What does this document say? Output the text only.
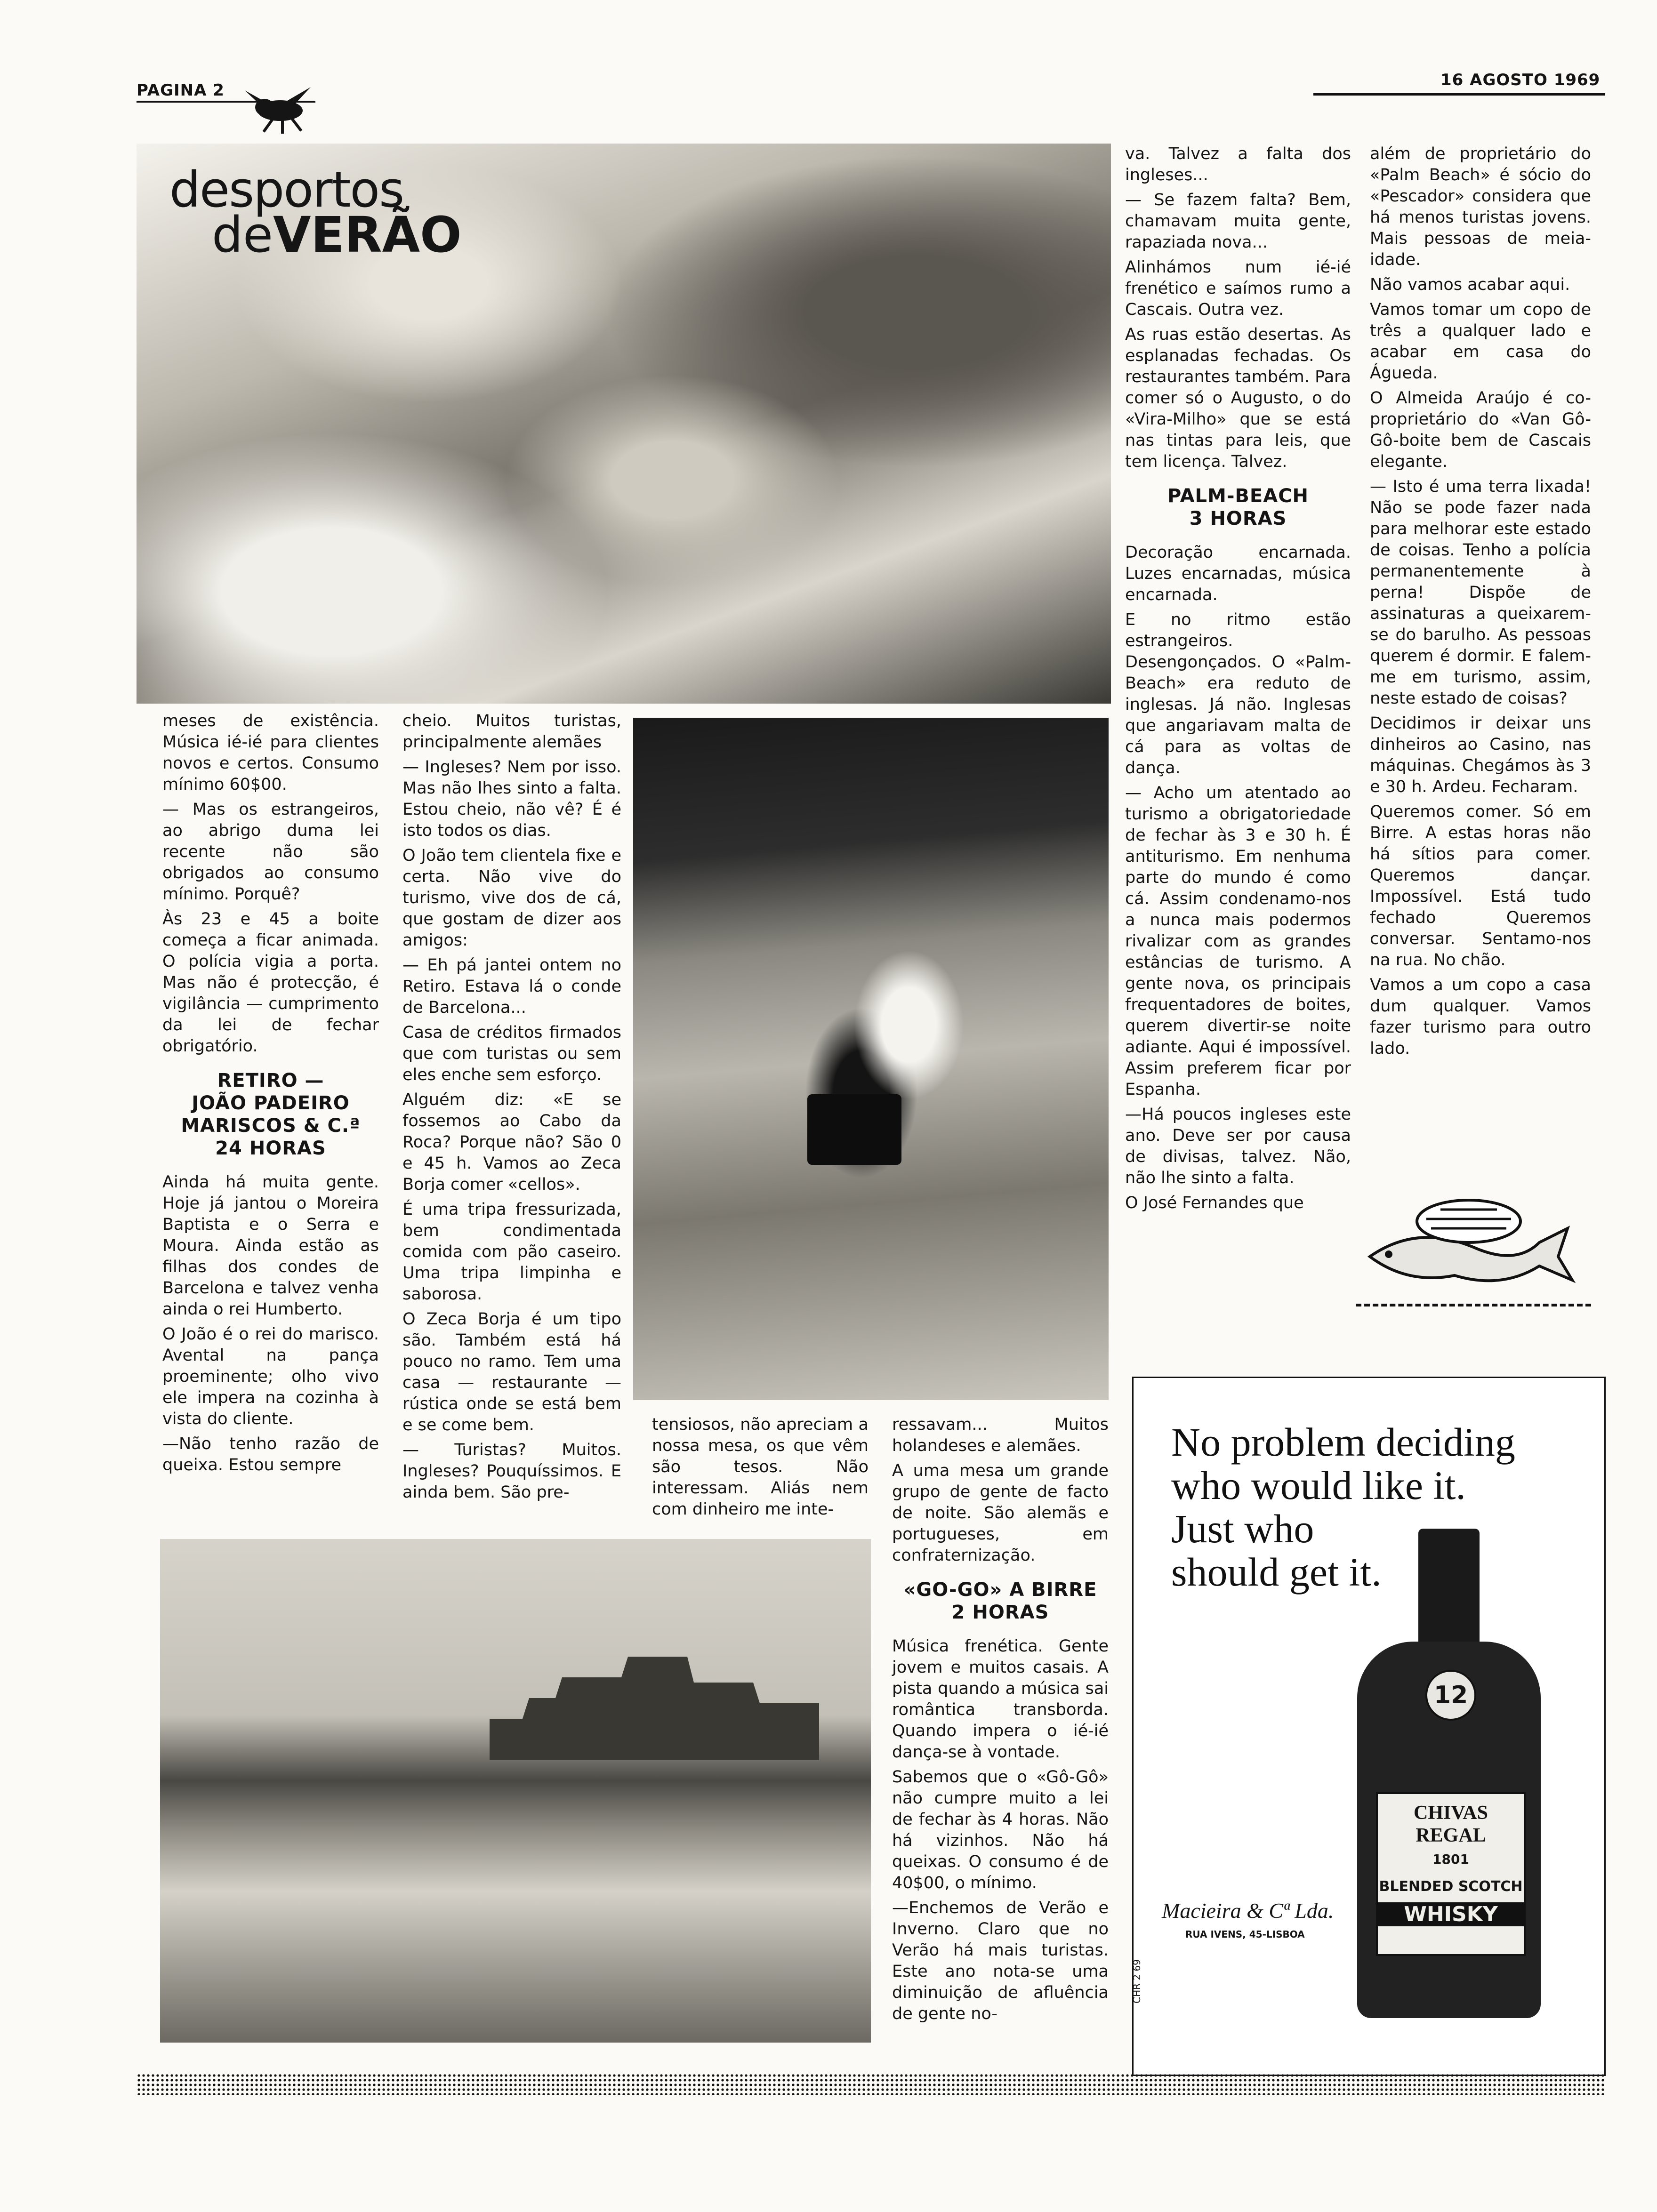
PAGINA 2
16 AGOSTO 1969
desportos
deVERÃO

meses de existência. Música ié-ié para clientes novos e certos. Consumo mínimo 60$00.

— Mas os estrangeiros, ao abrigo duma lei recente não são obrigados ao consumo mínimo. Porquê?

Às 23 e 45 a boite começa a ficar animada. O polícia vigia a porta. Mas não é protecção, é vigilância — cumprimento da lei de fechar obrigatório.

RETIRO —
JOÃO PADEIRO
MARISCOS & C.ª
24 HORAS

Ainda há muita gente. Hoje já jantou o Moreira Baptista e o Serra e Moura. Ainda estão as filhas dos condes de Barcelona e talvez venha ainda o rei Humberto.

O João é o rei do marisco. Avental na pança proeminente; olho vivo ele impera na cozinha à vista do cliente.

—Não tenho razão de queixa. Estou sempre

cheio. Muitos turistas, principalmente alemães

— Ingleses? Nem por isso. Mas não lhes sinto a falta. Estou cheio, não vê? É é isto todos os dias.

O João tem clientela fixe e certa. Não vive do turismo, vive dos de cá, que gostam de dizer aos amigos:

— Eh pá jantei ontem no Retiro. Estava lá o conde de Barcelona...

Casa de créditos firmados que com turistas ou sem eles enche sem esforço.

Alguém diz: «E se fossemos ao Cabo da Roca? Porque não? São 0 e 45 h. Vamos ao Zeca Borja comer «cellos».

É uma tripa fressurizada, bem condimentada comida com pão caseiro. Uma tripa limpinha e saborosa.

O Zeca Borja é um tipo são. Também está há pouco no ramo. Tem uma casa — restaurante — rústica onde se está bem e se come bem.

— Turistas? Muitos. Ingleses? Pouquíssimos. E ainda bem. São pre-

tensiosos, não apreciam a nossa mesa, os que vêm são tesos. Não interessam. Aliás nem com dinheiro me inte-

ressavam... Muitos holandeses e alemães.

A uma mesa um grande grupo de gente de facto de noite. São alemãs e portugueses, em confraternização.

«GO-GO» A BIRRE
2 HORAS

Música frenética. Gente jovem e muitos casais. A pista quando a música sai romântica transborda. Quando impera o ié-ié dança-se à vontade.

Sabemos que o «Gô-Gô» não cumpre muito a lei de fechar às 4 horas. Não há vizinhos. Não há queixas. O consumo é de 40$00, o mínimo.

—Enchemos de Verão e Inverno. Claro que no Verão há mais turistas. Este ano nota-se uma diminuição de afluência de gente no-

va. Talvez a falta dos ingleses...

— Se fazem falta? Bem, chamavam muita gente, rapaziada nova...

Alinhámos num ié-ié frenético e saímos rumo a Cascais. Outra vez.

As ruas estão desertas. As esplanadas fechadas. Os restaurantes também. Para comer só o Augusto, o do «Vira-Milho» que se está nas tintas para leis, que tem licença. Talvez.

PALM-BEACH
3 HORAS

Decoração encarnada. Luzes encarnadas, música encarnada.

E no ritmo estão estrangeiros. Desengonçados. O «Palm-Beach» era reduto de inglesas. Já não. Inglesas que angariavam malta de cá para as voltas de dança.

— Acho um atentado ao turismo a obrigatoriedade de fechar às 3 e 30 h. É antiturismo. Em nenhuma parte do mundo é como cá. Assim condenamo-nos a nunca mais podermos rivalizar com as grandes estâncias de turismo. A gente nova, os principais frequentadores de boites, querem divertir-se noite adiante. Aqui é impossível. Assim preferem ficar por Espanha.

—Há poucos ingleses este ano. Deve ser por causa de divisas, talvez. Não, não lhe sinto a falta.

O José Fernandes que

além de proprietário do «Palm Beach» é sócio do «Pescador» considera que há menos turistas jovens. Mais pessoas de meia-idade.

Não vamos acabar aqui.

Vamos tomar um copo de três a qualquer lado e acabar em casa do Águeda.

O Almeida Araújo é co-proprietário do «Van Gô-Gô-boite bem de Cascais elegante.

— Isto é uma terra lixada! Não se pode fazer nada para melhorar este estado de coisas. Tenho a polícia permanentemente à perna! Dispõe de assinaturas a queixarem-se do barulho. As pessoas querem é dormir. E falem-me em turismo, assim, neste estado de coisas?

Decidimos ir deixar uns dinheiros ao Casino, nas máquinas. Chegámos às 3 e 30 h. Ardeu. Fecharam.

Queremos comer. Só em Birre. A estas horas não há sítios para comer. Queremos dançar. Impossível. Está tudo fechado Queremos conversar. Sentamo-nos na rua. No chão.

Vamos a um copo a casa dum qualquer. Vamos fazer turismo para outro lado.

No problem deciding
who would like it.
Just who
should get it.
12
CHIVAS REGAL
1801
BLENDED SCOTCH
WHISKY
Macieira & Cª Lda.
RUA IVENS, 45-LISBOA
CHR 2 69
